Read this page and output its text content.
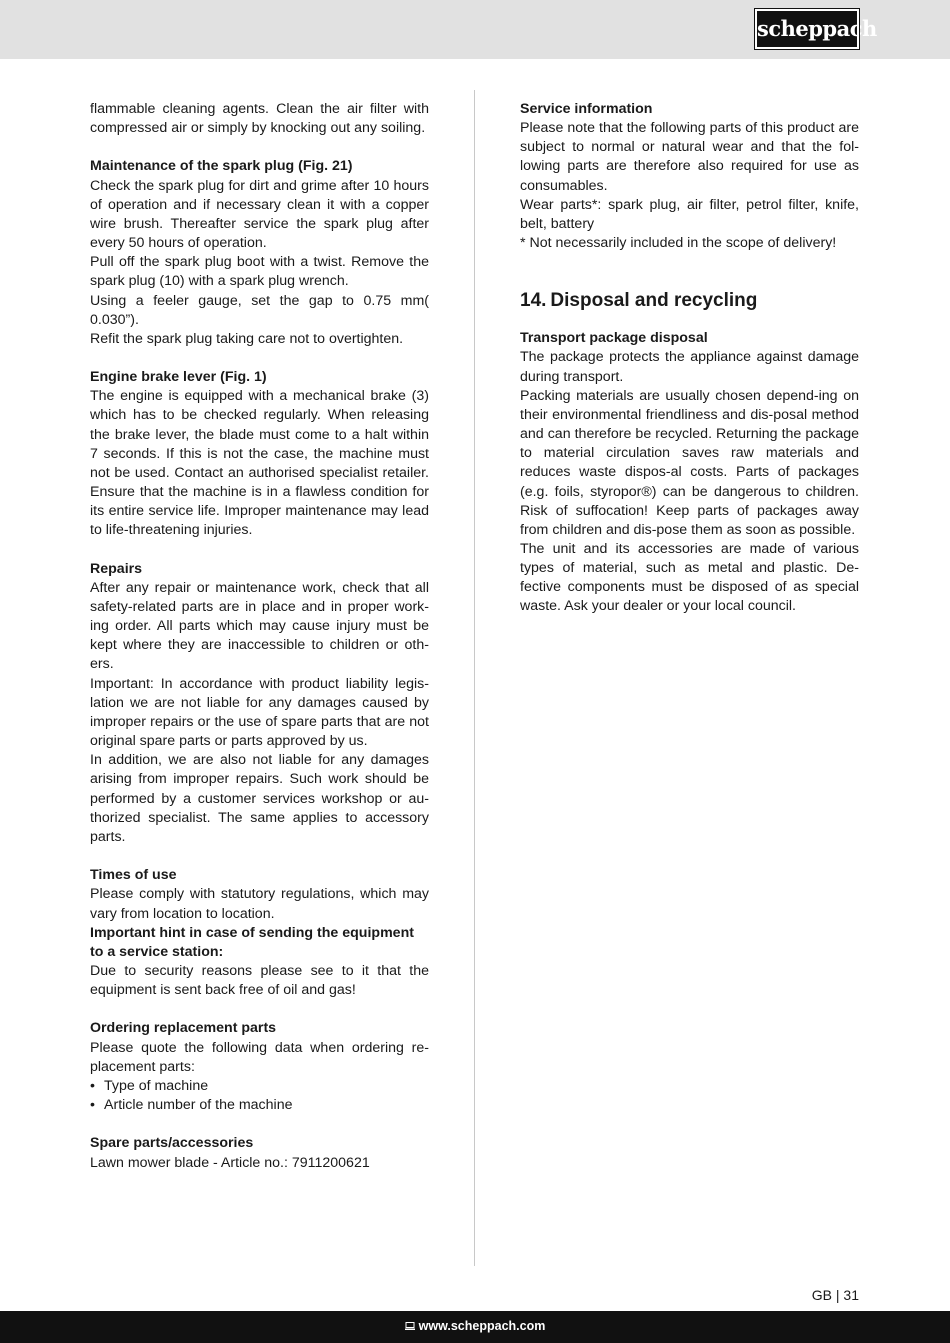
scheppach

flammable cleaning agents. Clean the air filter with compressed air or simply by knocking out any soiling.

Maintenance of the spark plug (Fig. 21)

Check the spark plug for dirt and grime after 10 hours of operation and if necessary clean it with a copper wire brush. Thereafter service the spark plug after every 50 hours of operation.

Pull off the spark plug boot with a twist. Remove the spark plug (10) with a spark plug wrench.

Using a feeler gauge, set the gap to 0.75 mm( 0.030”).

Refit the spark plug taking care not to overtighten.

Engine brake lever (Fig. 1)

The engine is equipped with a mechanical brake (3) which has to be checked regularly. When releasing the brake lever, the blade must come to a halt within 7 seconds. If this is not the case, the machine must not be used. Contact an authorised specialist retailer. Ensure that the machine is in a flawless condition for its entire service life. Improper maintenance may lead to life-threatening injuries.

Repairs

After any repair or maintenance work, check that all safety-related parts are in place and in proper work-ing order. All parts which may cause injury must be kept where they are inaccessible to children or oth-ers.

Important: In accordance with product liability legis-lation we are not liable for any damages caused by improper repairs or the use of spare parts that are not original spare parts or parts approved by us.

In addition, we are also not liable for any damages arising from improper repairs. Such work should be performed by a customer services workshop or au-thorized specialist. The same applies to accessory parts.

Times of use

Please comply with statutory regulations, which may vary from location to location.

Important hint in case of sending the equipment to a service station:

Due to security reasons please see to it that the equipment is sent back free of oil and gas!

Ordering replacement parts

Please quote the following data when ordering re-placement parts:

• Type of machine
• Article number of the machine

Spare parts/accessories

Lawn mower blade - Article no.: 7911200621

Service information

Please note that the following parts of this product are subject to normal or natural wear and that the fol-lowing parts are therefore also required for use as consumables.

Wear parts*: spark plug, air filter, petrol filter, knife, belt, battery

* Not necessarily included in the scope of delivery!

14. Disposal and recycling

Transport package disposal

The package protects the appliance against damage during transport.

Packing materials are usually chosen depend-ing on their environmental friendliness and dis-posal method and can therefore be recycled. Returning the package to material circulation saves raw materials and reduces waste dispos-al costs. Parts of packages (e.g. foils, styropor®) can be dangerous to children. Risk of suffocation! Keep parts of packages away from children and dis-pose them as soon as possible.

The unit and its accessories are made of various types of material, such as metal and plastic. De-fective components must be disposed of as special waste. Ask your dealer or your local council.

GB | 31
www.scheppach.com
